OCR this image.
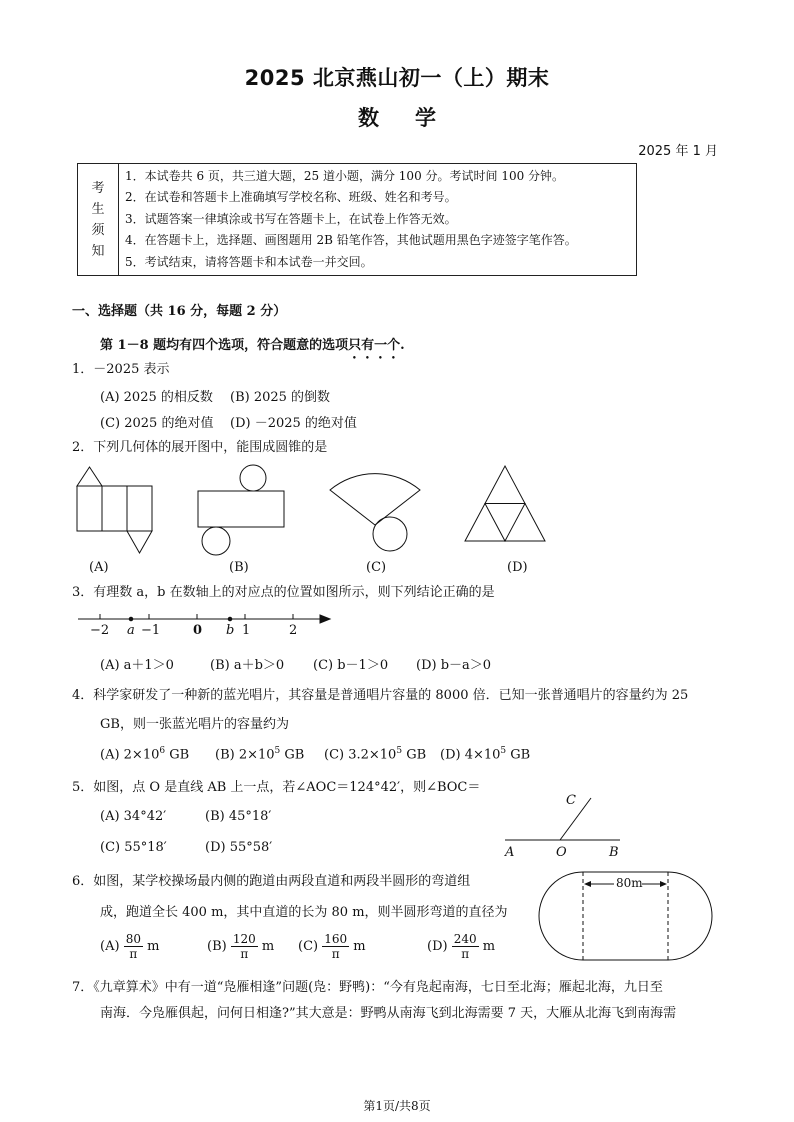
2025 北京燕山初一（上）期末
数学
2025 年 1 月
考
生
须
知

1．本试卷共 6 页，共三道大题，25 道小题，满分 100 分。考试时间 100 分钟。
2．在试卷和答题卡上准确填写学校名称、班级、姓名和考号。
3．试题答案一律填涂或书写在答题卡上，在试卷上作答无效。
4．在答题卡上，选择题、画图题用 2B 铅笔作答，其他试题用黑色字迹签字笔作答。
5．考试结束，请将答题卡和本试卷一并交回。
一、选择题（共 16 分，每题 2 分）
第 1－8 题均有四个选项，符合题意的选项只有一个.
1．－2025 表示
(A) 2025 的相反数 (B) 2025 的倒数
(C) 2025 的绝对值 (D) －2025 的绝对值
2．下列几何体的展开图中，能围成圆锥的是
(A)	(B)	(C)	(D)
3．有理数 a，b 在数轴上的对应点的位置如图所示，则下列结论正确的是
−2 a −1	0 b 1	2
(A) a＋1＞0	(B) a＋b＞0 (C) b－1＞0 (D) b－a＞0
4．科学家研发了一种新的蓝光唱片，其容量是普通唱片容量的 8000 倍．已知一张普通唱片的容量约为 25
GB，则一张蓝光唱片的容量约为
(A) $2\times 10^6$ GB (B) $2\times 10^5$ GB (C) $3.2\times 10^5$ GB (D) $4\times 10^5$ GB
5．如图，点 O 是直线 AB 上一点，若∠AOC＝124°42′，则∠BOC＝
(A) 34°42′	(B) 45°18′
(C) 55°18′	(D) 55°58′
C
A	O	B
6．如图，某学校操场最内侧的跑道由两段直道和两段半圆形的弯道组
成，跑道全长 400 m，其中直道的长为 80 m，则半圆形弯道的直径为
$(A) \frac{80}{\pi}$ m	$(B) \frac{120}{\pi}$ m $(C) \frac{160}{\pi}$ m	$(D) \frac{240}{\pi}$ m
80m
7．《九章算术》中有一道“凫雁相逢”问题(凫：野鸭)：“今有凫起南海，七日至北海；雁起北海，九日至
南海．今凫雁俱起，问何日相逢?”其大意是：野鸭从南海飞到北海需要 7 天，大雁从北海飞到南海需
第1页/共8页
